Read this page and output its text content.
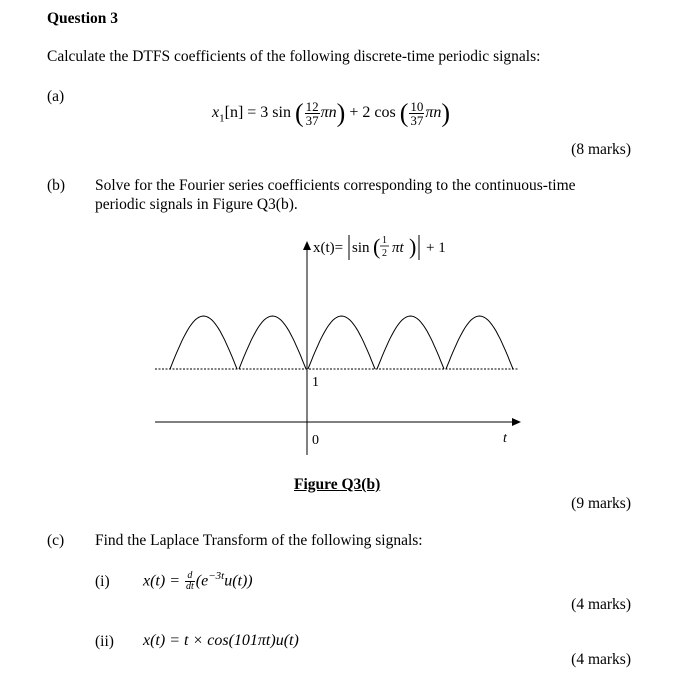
Question 3
Calculate the DTFS coefficients of the following discrete-time periodic signals:
(a)
$x_1[n] = 3$ sin ( $\frac{12}{37} \pi n) + 2$ cos ( $\frac{10}{37} \pi n$)
(8 marks)
(b) Solve for the Fourier series coefficients corresponding to the continuous-time
periodic signals in Figure Q3(b).
1
0	t
x(t)= sin ( 1
2 πt ) + 1
Figure Q3(b)
(9 marks)
(c) Find the Laplace Transform of the following signals:
(i) $x(t) = \frac{d}{dt} (e^{-3t}u(t))$
(4 marks)
(ii) x(t) = t × cos(101πt)u(t)
(4 marks)
